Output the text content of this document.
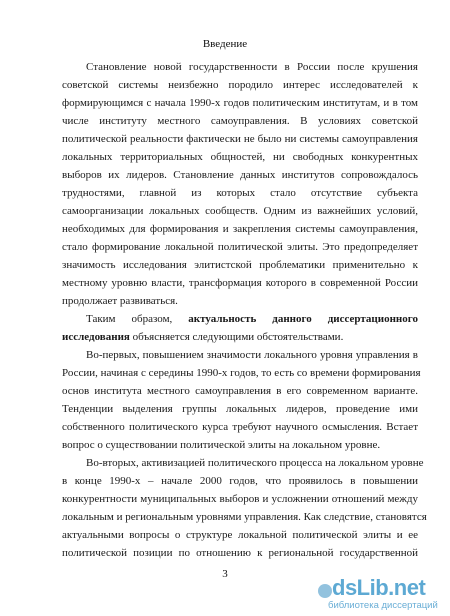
Введение
Становление новой государственности в России после крушения
советской системы неизбежно породило интерес исследователей к
формирующимся с начала 1990-х годов политическим институтам, и в том
числе институту местного самоуправления. В условиях советской
политической реальности фактически не было ни системы самоуправления
локальных территориальных общностей, ни свободных конкурентных
выборов их лидеров. Становление данных институтов сопровождалось
трудностями, главной из которых стало отсутствие субъекта
самоорганизации локальных сообществ. Одним из важнейших условий,
необходимых для формирования и закрепления системы самоуправления,
стало формирование локальной политической элиты. Это предопределяет
значимость исследования элитистской проблематики применительно к
местному уровню власти, трансформация которого в современной России
продолжает развиваться.
Таким образом, актуальность данного диссертационного
исследования объясняется следующими обстоятельствами.
Во-первых, повышением значимости локального уровня управления в
России, начиная с середины 1990-х годов, то есть со времени формирования
основ института местного самоуправления в его современном варианте.
Тенденции выделения группы локальных лидеров, проведение ими
собственного политического курса требуют научного осмысления. Встает
вопрос о существовании политической элиты на локальном уровне.
Во-вторых, активизацией политического процесса на локальном уровне
в конце 1990-х – начале 2000 годов, что проявилось в повышении
конкурентности муниципальных выборов и усложнении отношений между
локальным и региональным уровнями управления. Как следствие, становятся
актуальными вопросы о структуре локальной политической элиты и ее
политической позиции по отношению к региональной государственной
3
dsLib.net
библиотека диссертаций
